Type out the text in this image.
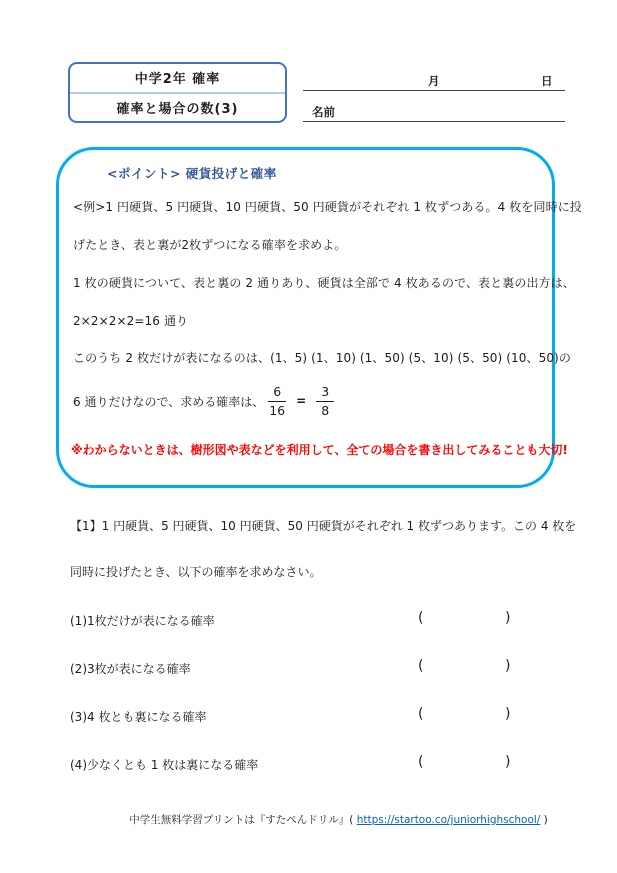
中学2年 確率
確率と場合の数(3)
月	日
名前
<ポイント> 硬貨投げと確率
<例>1 円硬貨、5 円硬貨、10 円硬貨、50 円硬貨がそれぞれ 1 枚ずつある。4 枚を同時に投
げたとき、表と裏が2枚ずつになる確率を求めよ。
1 枚の硬貨について、表と裏の 2 通りあり、硬貨は全部で 4 枚あるので、表と裏の出方は、
2×2×2×2=16 通り
このうち 2 枚だけが表になるのは、(1、5) (1、10) (1、50) (5、10) (5、50) (10、50)の
6 通りだけなので、求める確率は、 $\frac{6}{16} = \frac{3}{8}$
※わからないときは、樹形図や表などを利用して、全ての場合を書き出してみることも大切!
【1】1 円硬貨、5 円硬貨、10 円硬貨、50 円硬貨がそれぞれ 1 枚ずつあります。この 4 枚を
同時に投げたとき、以下の確率を求めなさい。
(1)1枚だけが表になる確率	(	)
(2)3枚が表になる確率	(	)
(3)4 枚とも裏になる確率	(	)
(4)少なくとも 1 枚は裏になる確率	(	)
中学生無料学習プリントは『すたぺんドリル』( https://startoo.co/juniorhighschool/ )
